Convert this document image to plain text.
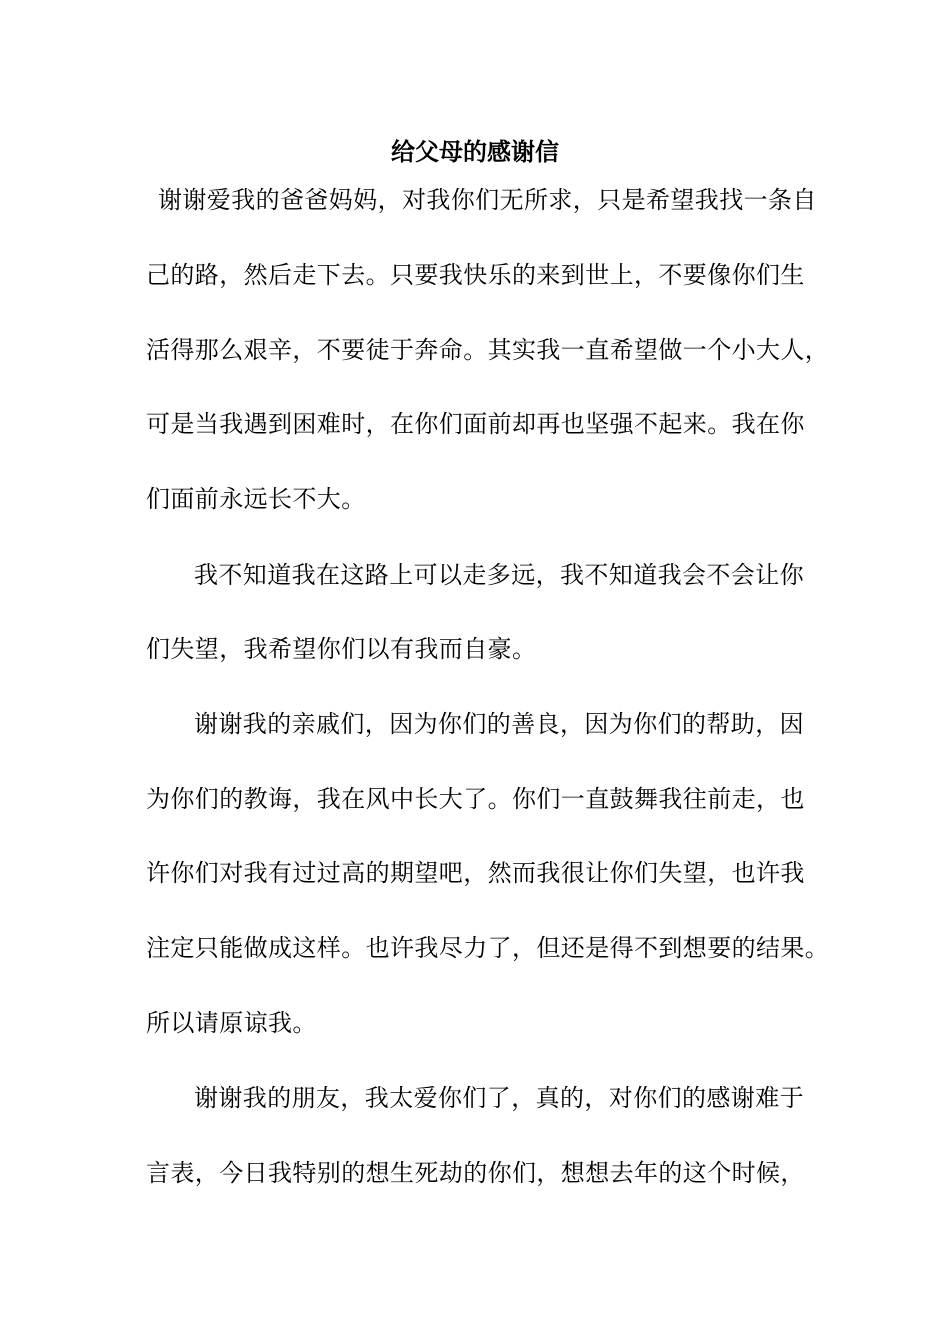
给父母的感谢信
谢谢爱我的爸爸妈妈，对我你们无所求，只是希望我找一条自
己的路，然后走下去。只要我快乐的来到世上，不要像你们生
活得那么艰辛，不要徒于奔命。其实我一直希望做一个小大人，
可是当我遇到困难时，在你们面前却再也坚强不起来。我在你
们面前永远长不大。
我不知道我在这路上可以走多远，我不知道我会不会让你
们失望，我希望你们以有我而自豪。
谢谢我的亲戚们，因为你们的善良，因为你们的帮助，因
为你们的教诲，我在风中长大了。你们一直鼓舞我往前走，也
许你们对我有过过高的期望吧，然而我很让你们失望，也许我
注定只能做成这样。也许我尽力了，但还是得不到想要的结果。
所以请原谅我。
谢谢我的朋友，我太爱你们了，真的，对你们的感谢难于
言表，今日我特别的想生死劫的你们，想想去年的这个时候，
